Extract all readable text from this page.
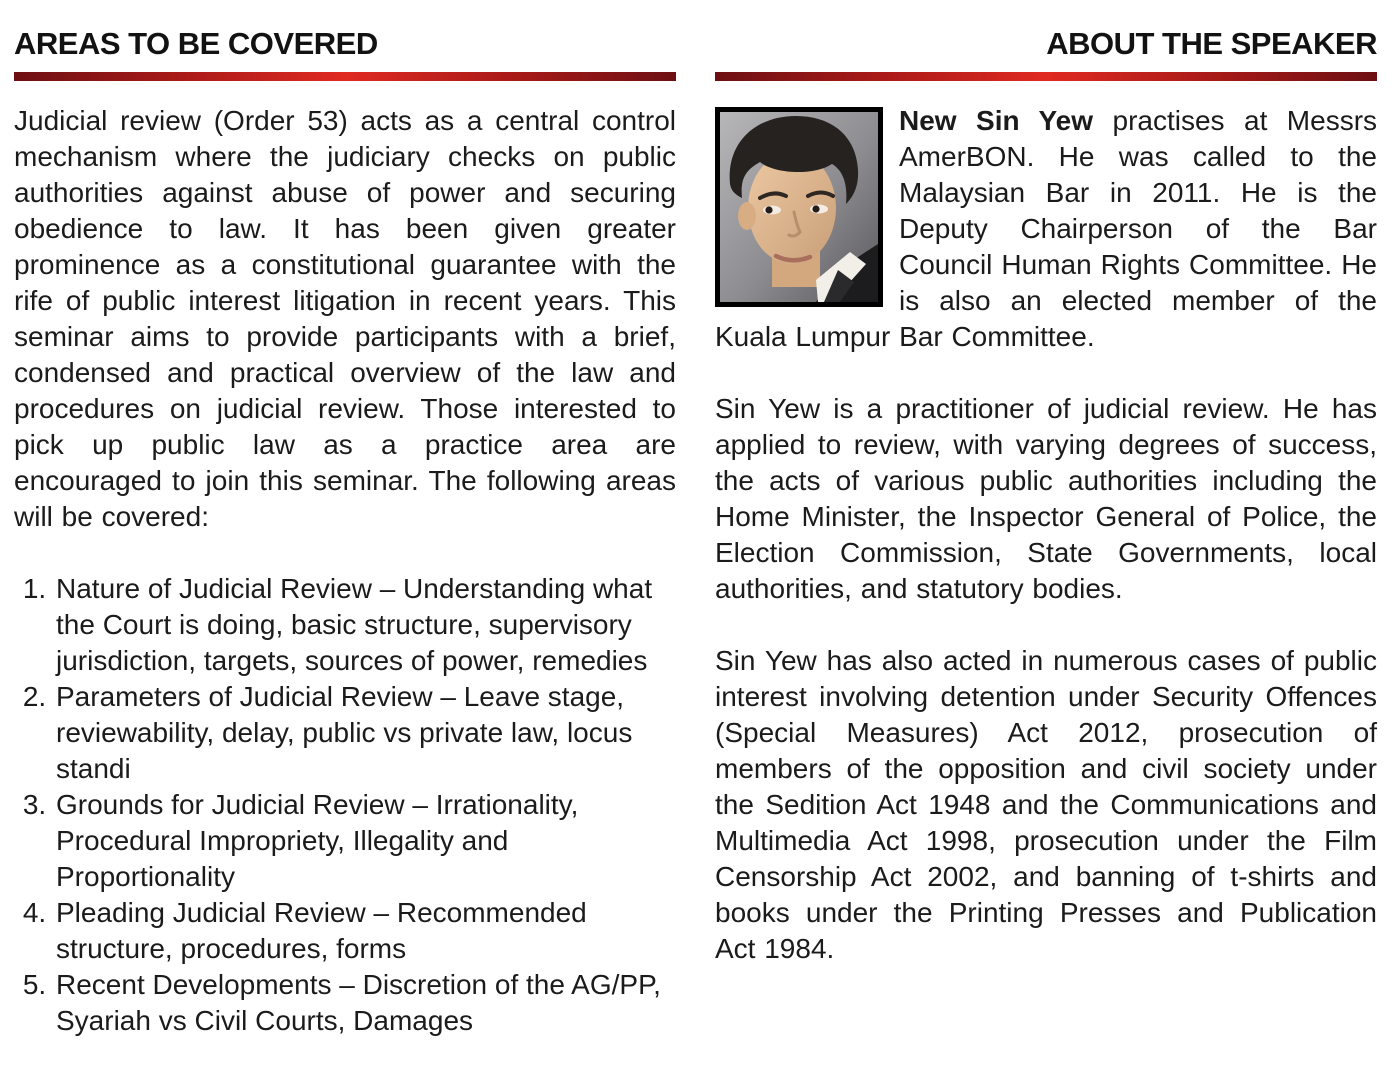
AREAS TO BE COVERED

Judicial review (Order 53) acts as a central control mechanism where the judiciary checks on public authorities against abuse of power and securing obedience to law. It has been given greater prominence as a constitutional guarantee with the rife of public interest litigation in recent years. This seminar aims to provide participants with a brief, condensed and practical overview of the law and procedures on judicial review. Those interested to pick up public law as a practice area are encouraged to join this seminar. The following areas will be covered:

1. Nature of Judicial Review – Understanding what the Court is doing, basic structure, supervisory jurisdiction, targets, sources of power, remedies
2. Parameters of Judicial Review – Leave stage, reviewability, delay, public vs private law, locus standi
3. Grounds for Judicial Review – Irrationality, Procedural Impropriety, Illegality and Proportionality
4. Pleading Judicial Review – Recommended structure, procedures, forms
5. Recent Developments – Discretion of the AG/PP, Syariah vs Civil Courts, Damages
ABOUT THE SPEAKER

New Sin Yew practises at Messrs AmerBON. He was called to the Malaysian Bar in 2011. He is the Deputy Chairperson of the Bar Council Human Rights Committee. He is also an elected member of the Kuala Lumpur Bar Committee.

Sin Yew is a practitioner of judicial review. He has applied to review, with varying degrees of success, the acts of various public authorities including the Home Minister, the Inspector General of Police, the Election Commission, State Governments, local authorities, and statutory bodies.

Sin Yew has also acted in numerous cases of public interest involving detention under Security Offences (Special Measures) Act 2012, prosecution of members of the opposition and civil society under the Sedition Act 1948 and the Communications and Multimedia Act 1998, prosecution under the Film Censorship Act 2002, and banning of t-shirts and books under the Printing Presses and Publication Act 1984.
